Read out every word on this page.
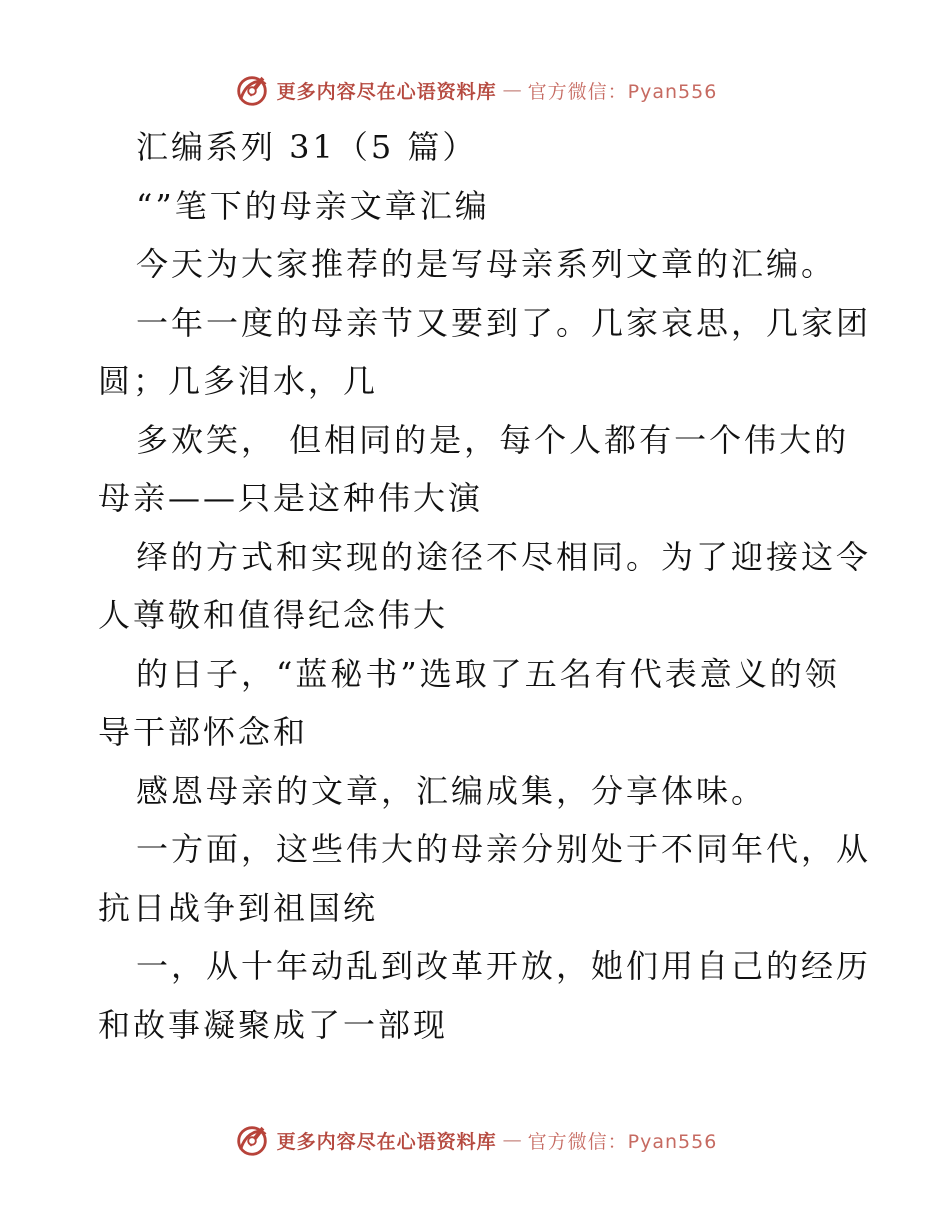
更多内容尽在心语资料库 — 官方微信：Pyan556
汇编系列 31（5 篇）
“”笔下的母亲文章汇编
今天为大家推荐的是写母亲系列文章的汇编。
一年一度的母亲节又要到了。几家哀思，几家团
圆；几多泪水，几
多欢笑， 但相同的是，每个人都有一个伟大的
母亲——只是这种伟大演
绎的方式和实现的途径不尽相同。为了迎接这令
人尊敬和值得纪念伟大
的日子，“蓝秘书”选取了五名有代表意义的领
导干部怀念和
感恩母亲的文章，汇编成集，分享体味。
一方面，这些伟大的母亲分别处于不同年代，从
抗日战争到祖国统
一，从十年动乱到改革开放，她们用自己的经历
和故事凝聚成了一部现
更多内容尽在心语资料库 — 官方微信：Pyan556
